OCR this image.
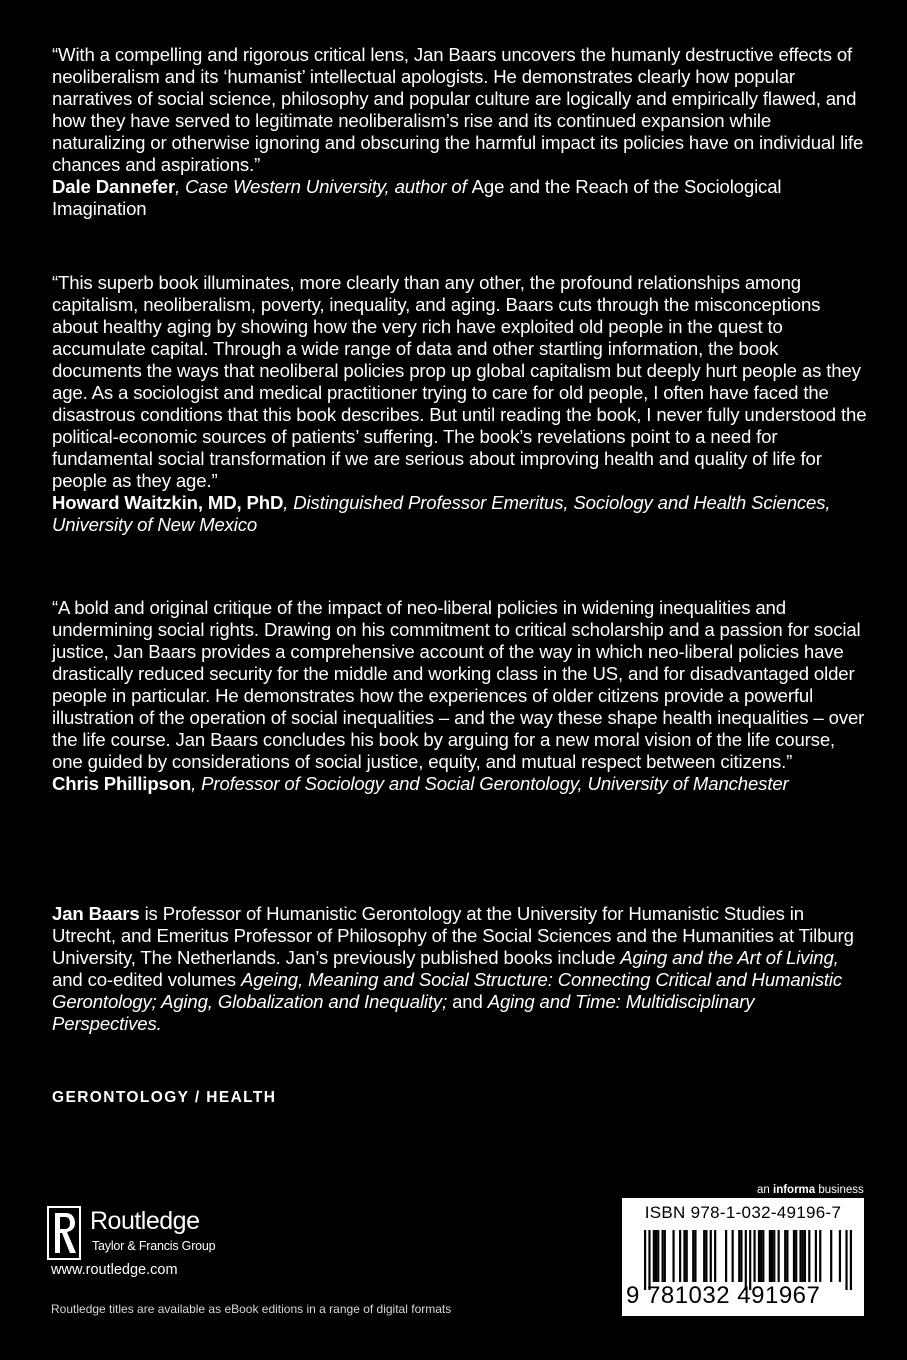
“With a compelling and rigorous critical lens, Jan Baars uncovers the humanly destructive effects of neoliberalism and its ‘humanist’ intellectual apologists. He demonstrates clearly how popular narratives of social science, philosophy and popular culture are logically and empirically flawed, and how they have served to legitimate neoliberalism’s rise and its continued expansion while naturalizing or otherwise ignoring and obscuring the harmful impact its policies have on individual life chances and aspirations.”

Dale Dannefer, Case Western University, author of Age and the Reach of the Sociological Imagination

“This superb book illuminates, more clearly than any other, the profound relationships among capitalism, neoliberalism, poverty, inequality, and aging. Baars cuts through the misconceptions about healthy aging by showing how the very rich have exploited old people in the quest to accumulate capital. Through a wide range of data and other startling information, the book documents the ways that neoliberal policies prop up global capitalism but deeply hurt people as they age. As a sociologist and medical practitioner trying to care for old people, I often have faced the disastrous conditions that this book describes. But until reading the book, I never fully understood the political-economic sources of patients’ suffering. The book’s revelations point to a need for fundamental social transformation if we are serious about improving health and quality of life for people as they age.”

Howard Waitzkin, MD, PhD, Distinguished Professor Emeritus, Sociology and Health Sciences, University of New Mexico

“A bold and original critique of the impact of neo-liberal policies in widening inequalities and undermining social rights. Drawing on his commitment to critical scholarship and a passion for social justice, Jan Baars provides a comprehensive account of the way in which neo-liberal policies have drastically reduced security for the middle and working class in the US, and for disadvantaged older people in particular. He demonstrates how the experiences of older citizens provide a powerful illustration of the operation of social inequalities – and the way these shape health inequalities – over the life course. Jan Baars concludes his book by arguing for a new moral vision of the life course, one guided by considerations of social justice, equity, and mutual respect between citizens.”

Chris Phillipson, Professor of Sociology and Social Gerontology, University of Manchester

Jan Baars is Professor of Humanistic Gerontology at the University for Humanistic Studies in Utrecht, and Emeritus Professor of Philosophy of the Social Sciences and the Humanities at Tilburg University, The Netherlands. Jan’s previously published books include Aging and the Art of Living, and co-edited volumes Ageing, Meaning and Social Structure: Connecting Critical and Humanistic Gerontology; Aging, Globalization and Inequality; and Aging and Time: Multidisciplinary Perspectives.

GERONTOLOGY / HEALTH
Routledge
Taylor & Francis Group
www.routledge.com
Routledge titles are available as eBook editions in a range of digital formats
an informa business
ISBN 978-1-032-49196-7
9 781032 491967
